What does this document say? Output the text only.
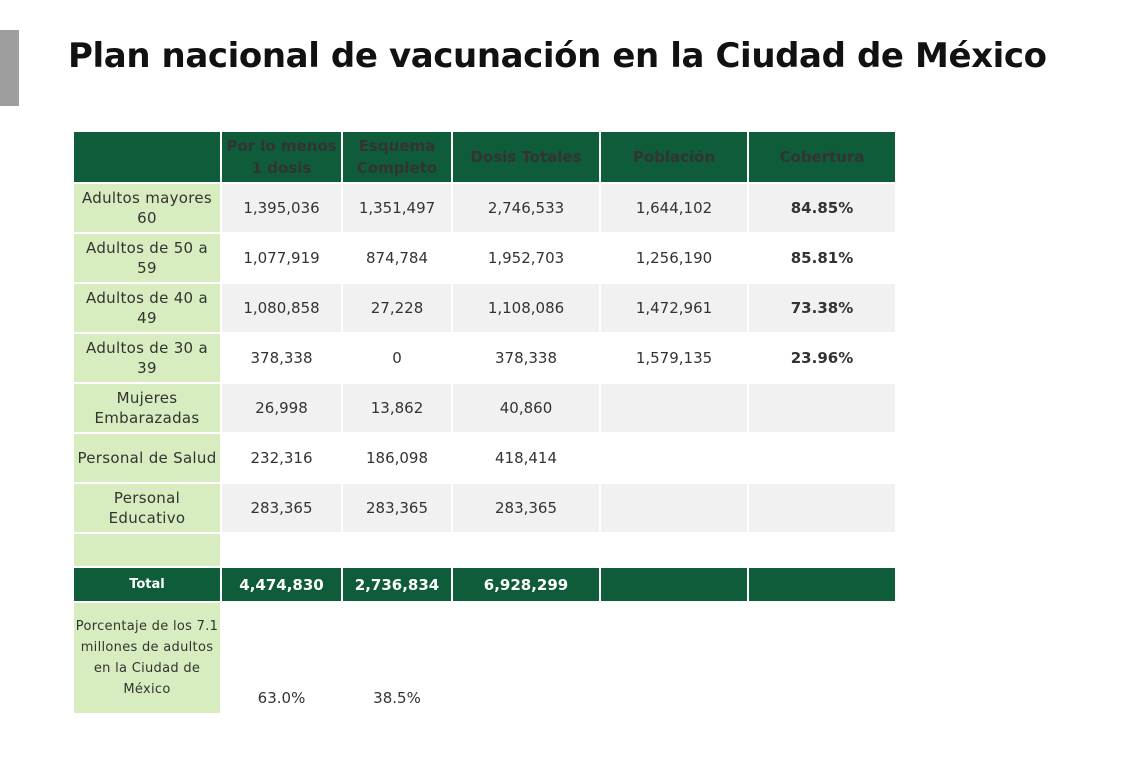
Plan nacional de vacunación en la Ciudad de México
	Por lo menos 1 dosis	Esquema Completo	Dosis Totales	Población	Cobertura
Adultos mayores 60	1,395,036	1,351,497	2,746,533	1,644,102	84.85%
Adultos de 50 a 59	1,077,919	874,784	1,952,703	1,256,190	85.81%
Adultos de 40 a 49	1,080,858	27,228	1,108,086	1,472,961	73.38%
Adultos de 30 a 39	378,338	0	378,338	1,579,135	23.96%
Mujeres Embarazadas	26,998	13,862	40,860		
Personal de Salud	232,316	186,098	418,414		
Personal Educativo	283,365	283,365	283,365		

Total	4,474,830	2,736,834	6,928,299		
Porcentaje de los 7.1 millones de adultos en la Ciudad de México	63.0%	38.5%			
